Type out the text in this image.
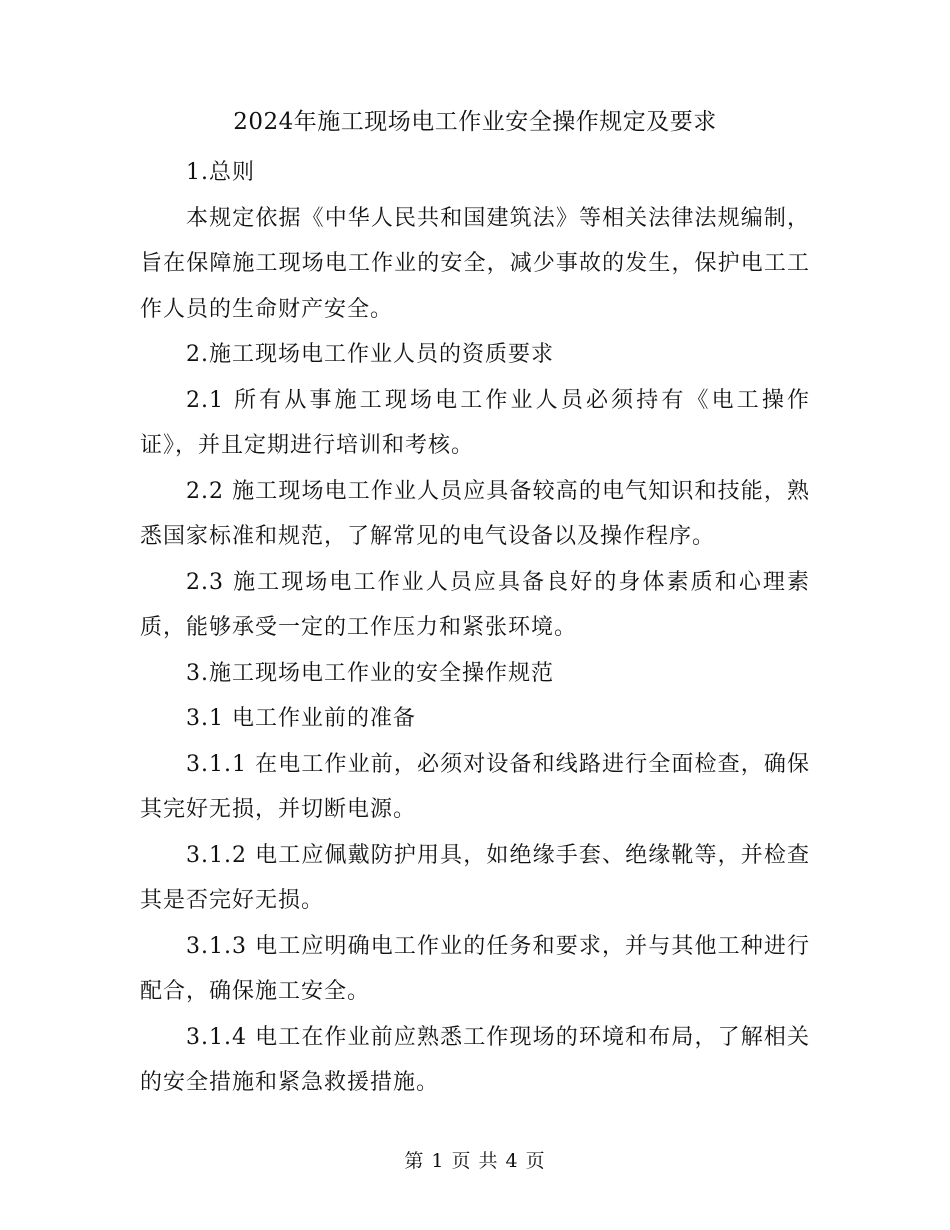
2024年施工现场电工作业安全操作规定及要求

1.总则

本规定依据《中华人民共和国建筑法》等相关法律法规编制，旨在保障施工现场电工作业的安全，减少事故的发生，保护电工工作人员的生命财产安全。

2.施工现场电工作业人员的资质要求

2.1 所有从事施工现场电工作业人员必须持有《电工操作证》，并且定期进行培训和考核。

2.2 施工现场电工作业人员应具备较高的电气知识和技能，熟悉国家标准和规范，了解常见的电气设备以及操作程序。

2.3 施工现场电工作业人员应具备良好的身体素质和心理素质，能够承受一定的工作压力和紧张环境。

3.施工现场电工作业的安全操作规范

3.1 电工作业前的准备

3.1.1 在电工作业前，必须对设备和线路进行全面检查，确保其完好无损，并切断电源。

3.1.2 电工应佩戴防护用具，如绝缘手套、绝缘靴等，并检查其是否完好无损。

3.1.3 电工应明确电工作业的任务和要求，并与其他工种进行配合，确保施工安全。

3.1.4 电工在作业前应熟悉工作现场的环境和布局，了解相关的安全措施和紧急救援措施。

第 1 页 共 4 页
